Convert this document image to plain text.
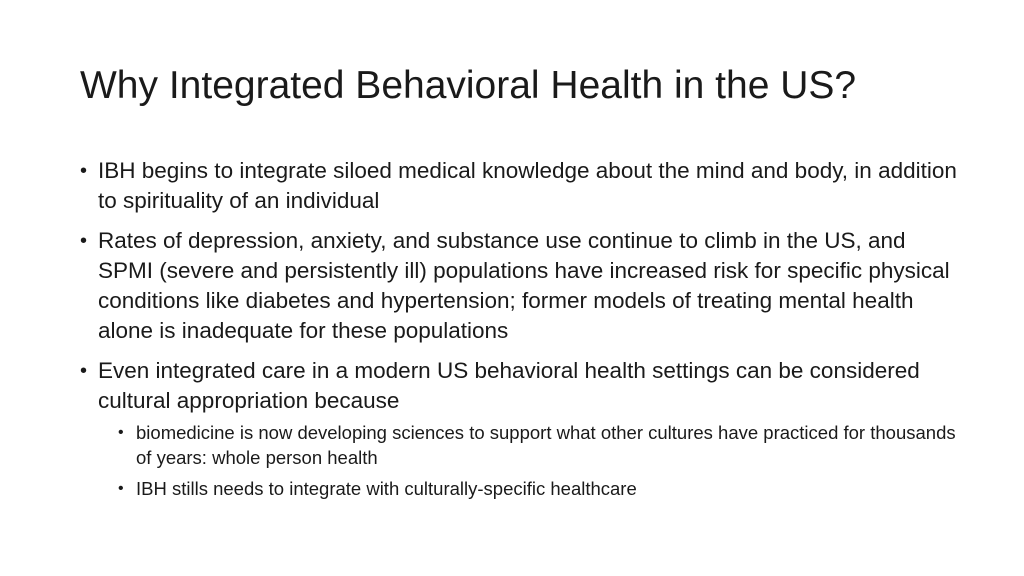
Why Integrated Behavioral Health in the US?
• IBH begins to integrate siloed medical knowledge about the mind and body, in addition to spirituality of an individual
• Rates of depression, anxiety, and substance use continue to climb in the US, and SPMI (severe and persistently ill) populations have increased risk for specific physical conditions like diabetes and hypertension; former models of treating mental health alone is inadequate for these populations
• Even integrated care in a modern US behavioral health settings can be considered cultural appropriation because
• biomedicine is now developing sciences to support what other cultures have practiced for thousands of years: whole person health
• IBH stills needs to integrate with culturally-specific healthcare
